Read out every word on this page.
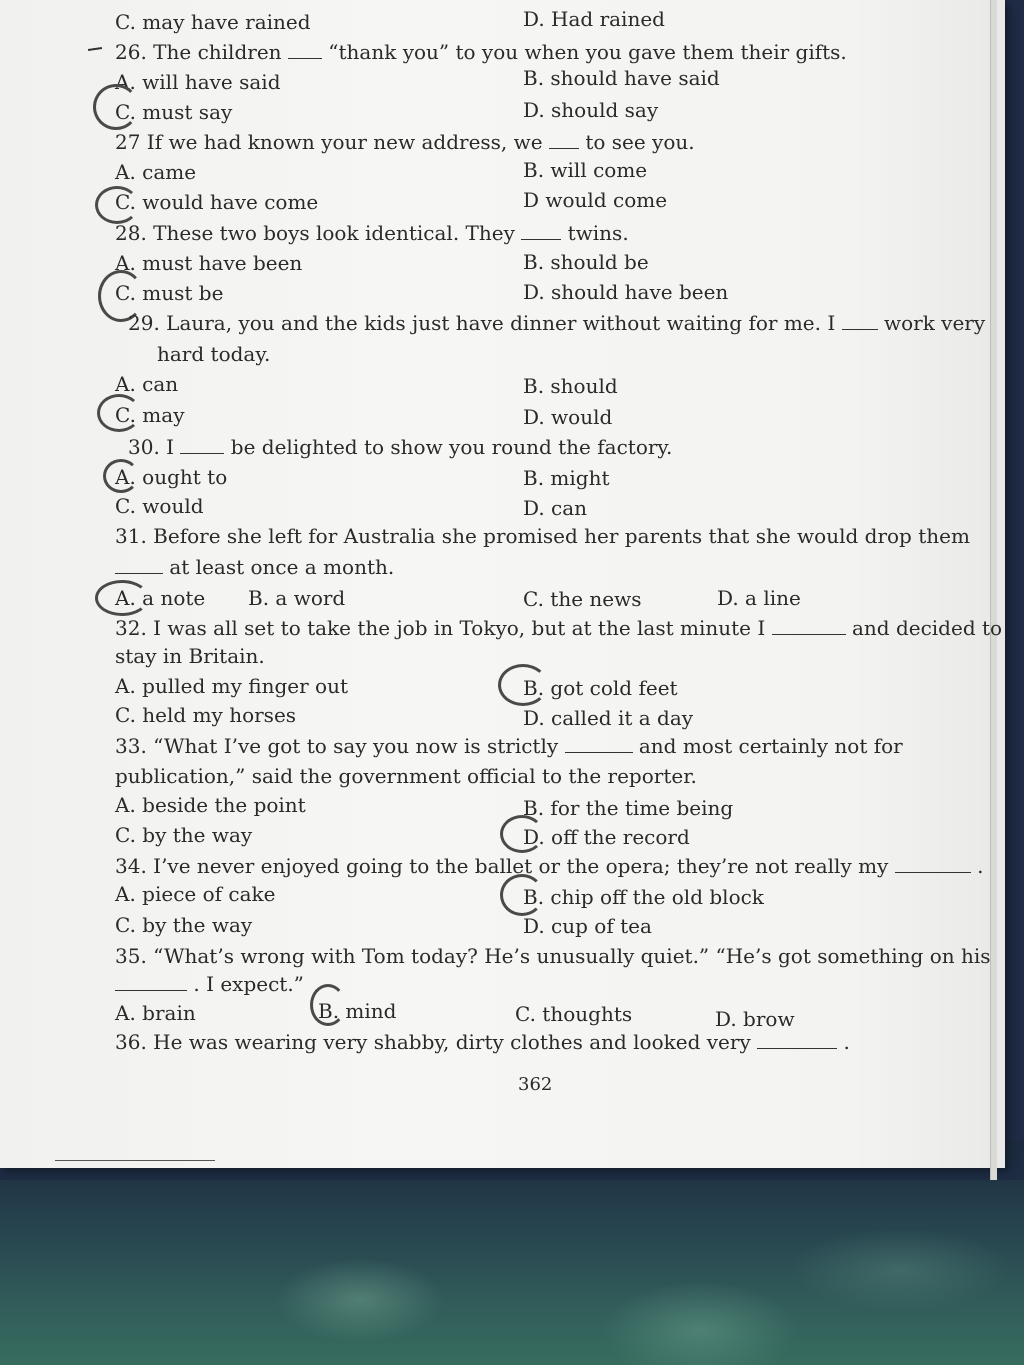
C. may have rained	D. Had rained
26. The children “thank you” to you when you gave them their gifts.
A. will have said	B. should have said
C. must say	D. should say
27 If we had known your new address, we to see you.
A. came	B. will come
C. would have come	D would come
28. These two boys look identical. They	twins.
A. must have been	B. should be
C. must be	D. should have been
29. Laura, you and the kids just have dinner without waiting for me. I work very
hard today.
A. can	B. should
C. may	D. would
30. I	be delighted to show you round the factory.
A. ought to	B. might
C. would	D. can
31. Before she left for Australia she promised her parents that she would drop them
at least once a month.
A. a note B. a word	C. the news	D. a line
32. I was all set to take the job in Tokyo, but at the last minute I	and decided to
stay in Britain.
A. pulled my finger out	B. got cold feet
C. held my horses	D. called it a day
33. “What I’ve got to say you now is strictly	and most certainly not for
publication,” said the government official to the reporter.
A. beside the point	B. for the time being
C. by the way	D. off the record
34. I’ve never enjoyed going to the ballet or the opera; they’re not really my	.
A. piece of cake	B. chip off the old block
C. by the way	D. cup of tea
35. “What’s wrong with Tom today? He’s unusually quiet.” “He’s got something on his
. I expect.”
A. brain	B. mind	C. thoughts	D. brow
36. He was wearing very shabby, dirty clothes and looked very	.
362
